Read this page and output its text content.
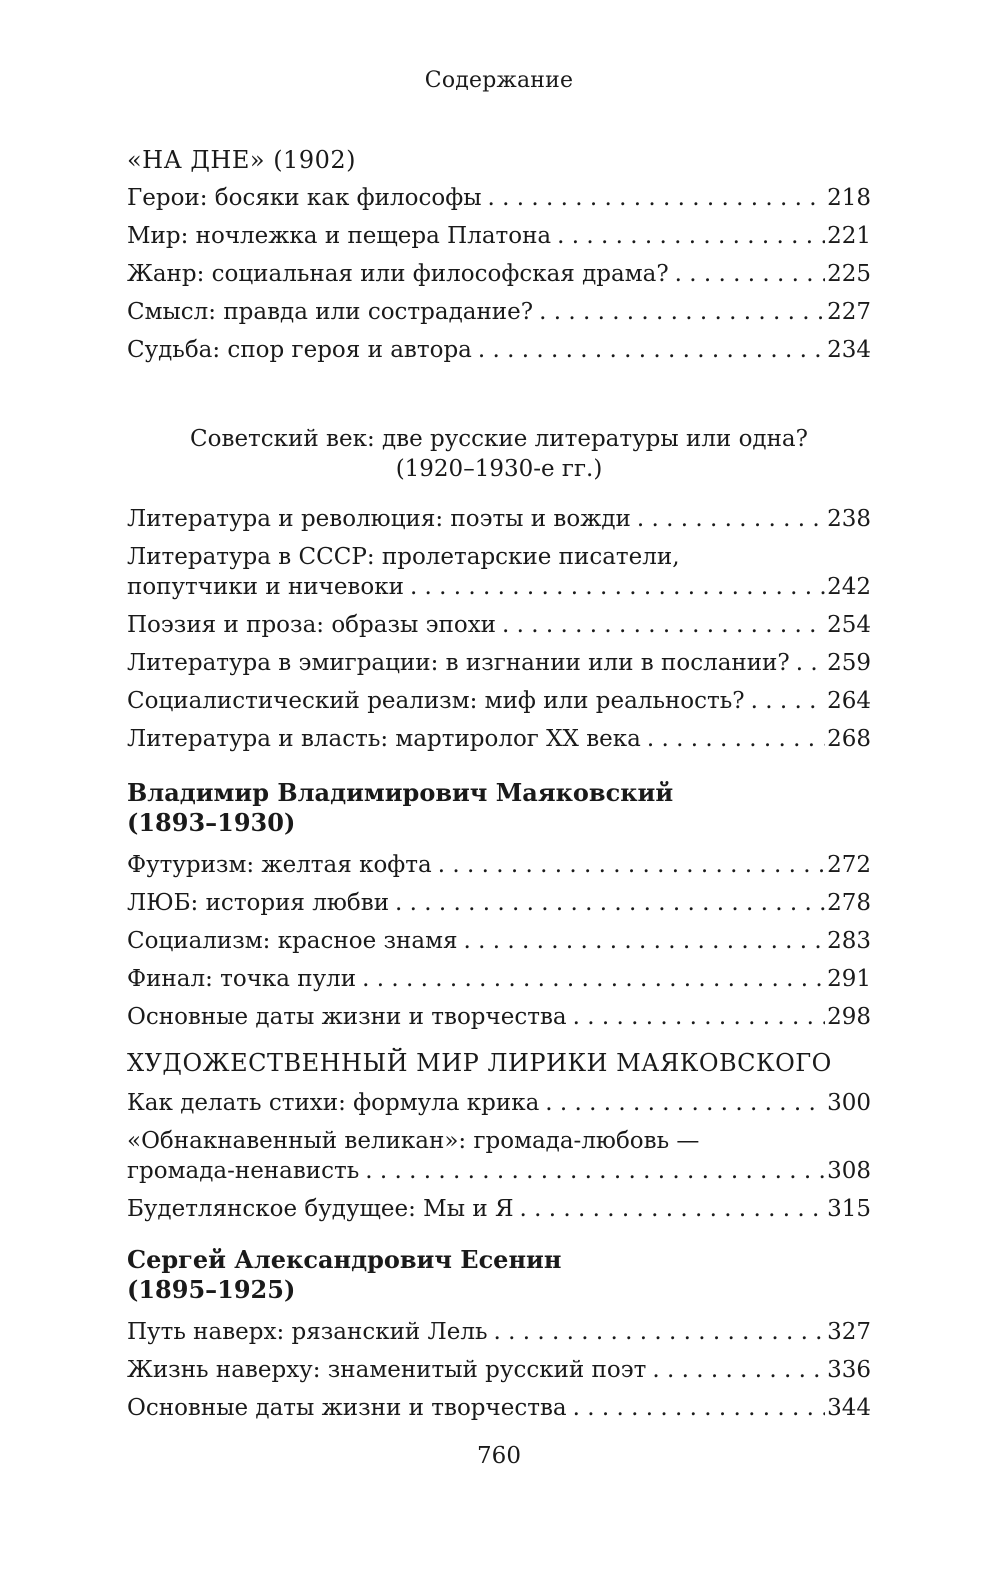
Содержание
«НА ДНЕ» (1902)
Герои: босяки как философы . . .	218
Мир: ночлежка и пещера Платона . . .	221
Жанр: социальная или философская драма? . . .	225
Смысл: правда или сострадание? . . .	227
Судьба: спор героя и автора . . .	234
Советский век: две русские литературы или одна?
(1920–1930-е гг.)
Литература и революция: поэты и вожди . . .	238
Литература в СССР: пролетарские писатели,
попутчики и ничевоки . . .	242
Поэзия и проза: образы эпохи . . .	254
Литература в эмиграции: в изгнании или в послании? . . . 259
Социалистический реализм: миф или реальность? . . .	264
Литература и власть: мартиролог ХХ века . . .	268
Владимир Владимирович Маяковский
(1893–1930)
Футуризм: желтая кофта . . .	272
ЛЮБ: история любви . . .	278
Социализм: красное знамя . . .	283
Финал: точка пули . . .	291
Основные даты жизни и творчества . . .	298
ХУДОЖЕСТВЕННЫЙ МИР ЛИРИКИ МАЯКОВСКОГО
Как делать стихи: формула крика . . .	300
«Обнакнавенный великан»: громада-любовь —
громада-ненависть . . .	308
Будетлянское будущее: Мы и Я . . .	315
Сергей Александрович Есенин
(1895–1925)
Путь наверх: рязанский Лель . . .	327
Жизнь наверху: знаменитый русский поэт . . .	336
Основные даты жизни и творчества . . .	344
760
